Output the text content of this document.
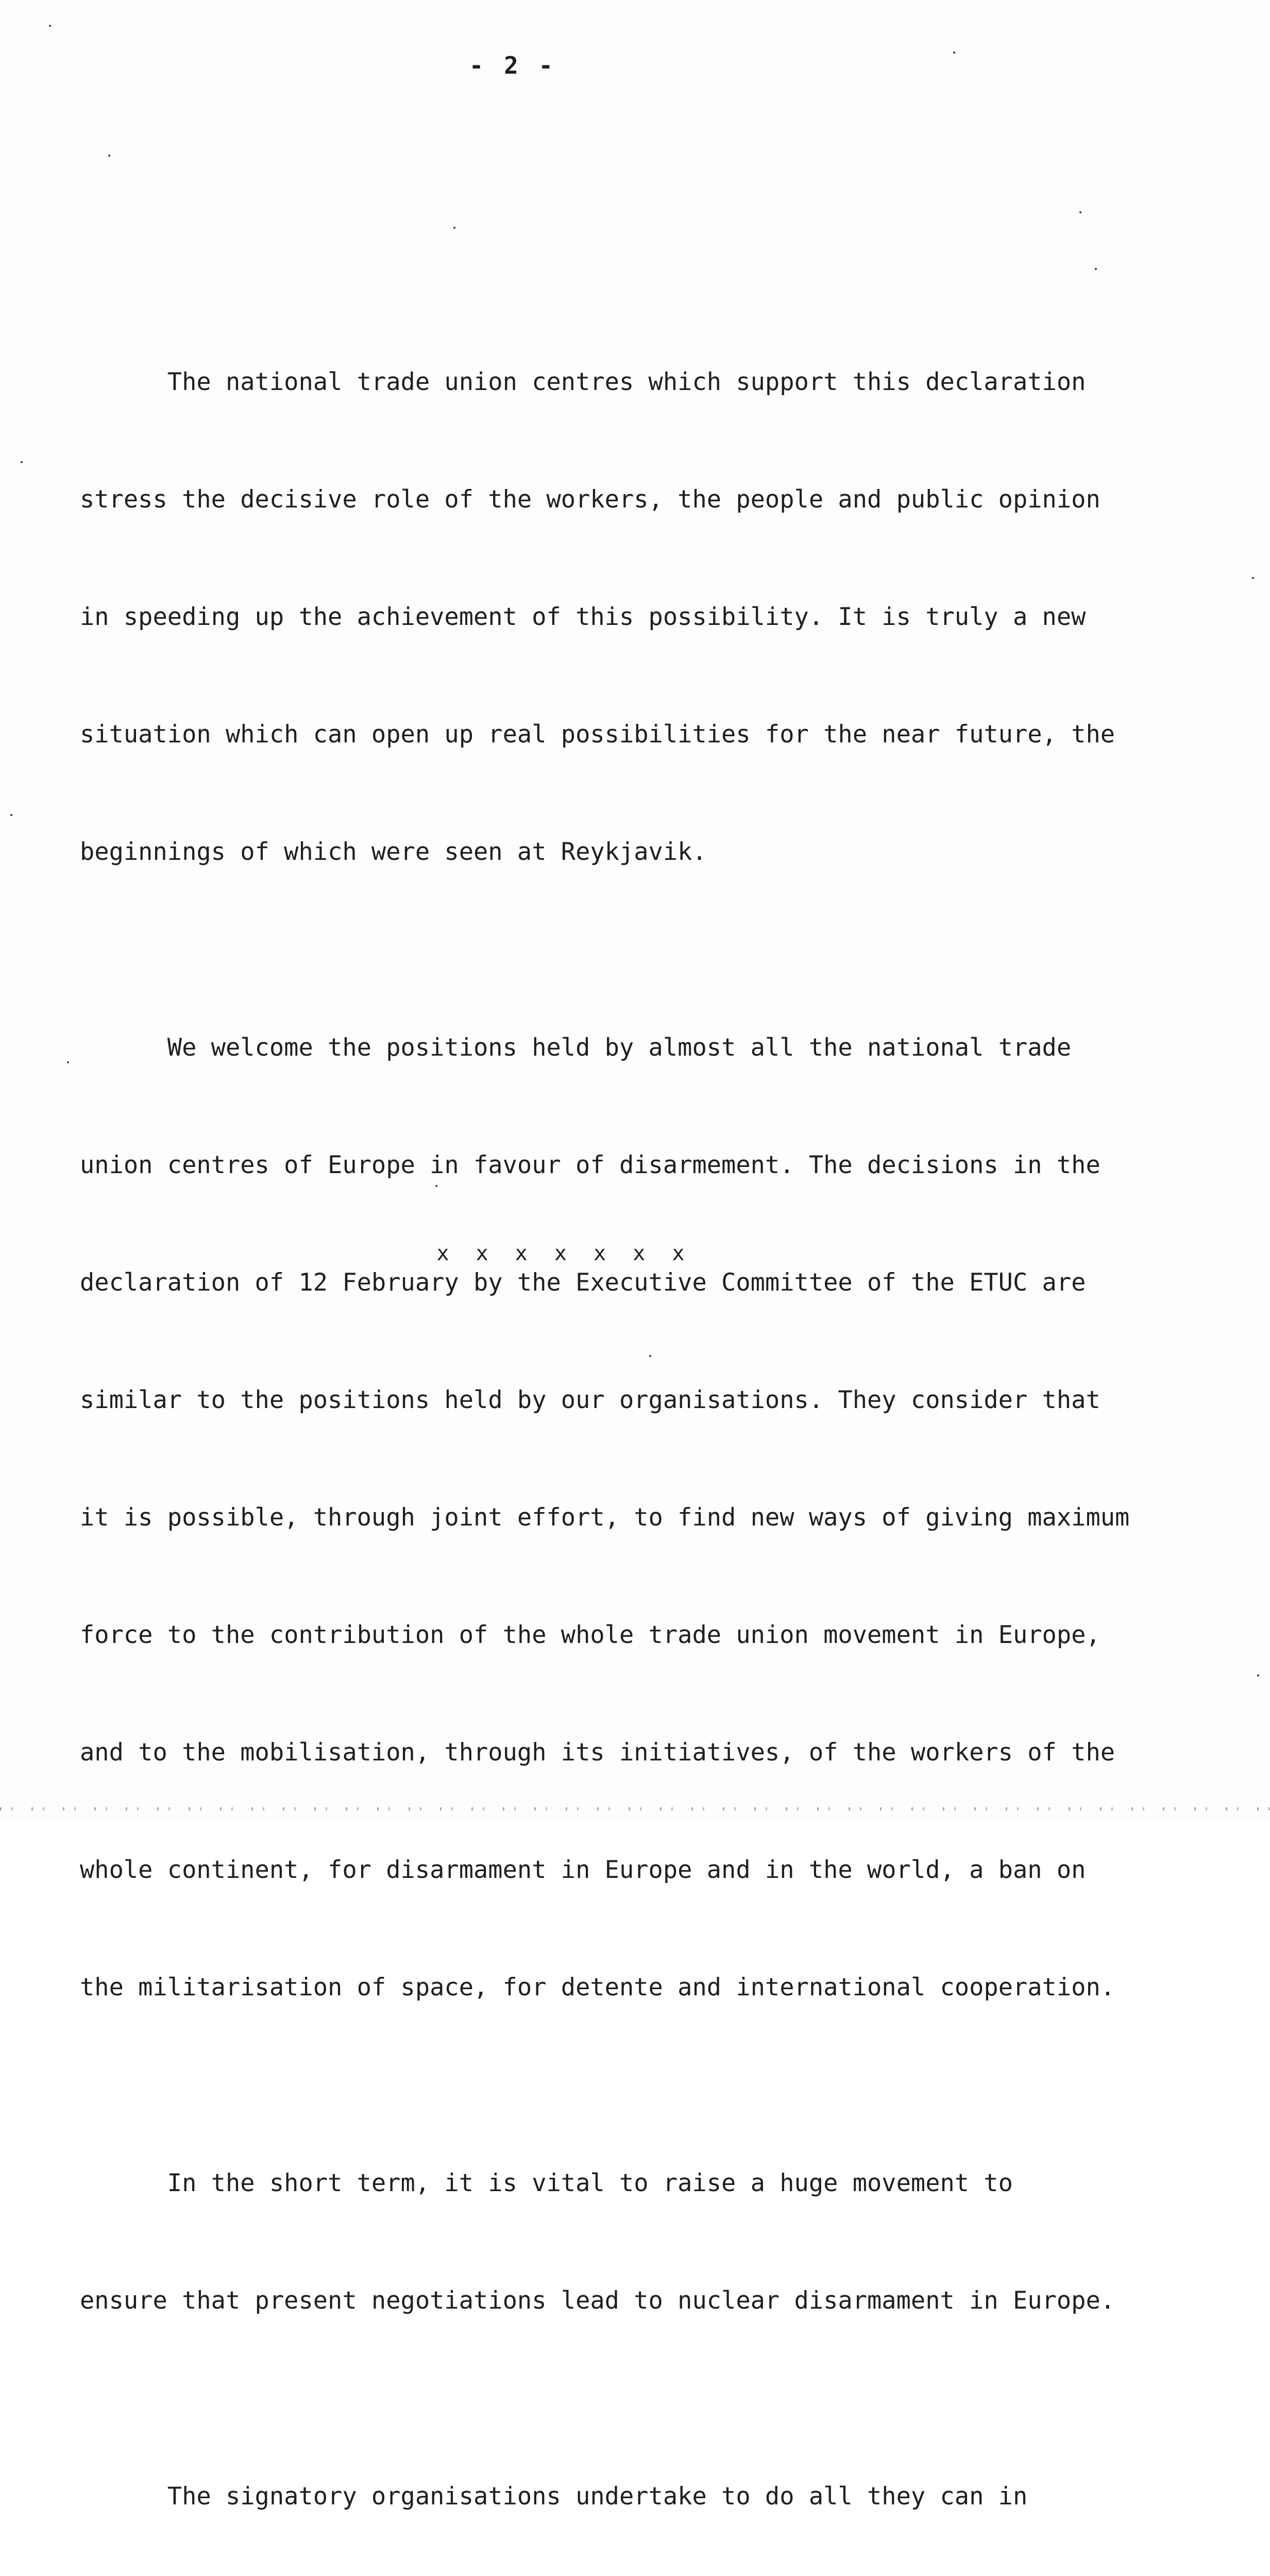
- 2 -

The national trade union centres which support this declaration

stress the decisive role of the workers, the people and public opinion

in speeding up the achievement of this possibility. It is truly a new

situation which can open up real possibilities for the near future, the

beginnings of which were seen at Reykjavik.

We welcome the positions held by almost all the national trade

union centres of Europe in favour of disarmement. The decisions in the

declaration of 12 February by the Executive Committee of the ETUC are

similar to the positions held by our organisations. They consider that

it is possible, through joint effort, to find new ways of giving maximum

force to the contribution of the whole trade union movement in Europe,

and to the mobilisation, through its initiatives, of the workers of the

whole continent, for disarmament in Europe and in the world, a ban on

the militarisation of space, for detente and international cooperation.

In the short term, it is vital to raise a huge movement to

ensure that present negotiations lead to nuclear disarmament in Europe.

The signatory organisations undertake to do all they can in

x x x x x x x
